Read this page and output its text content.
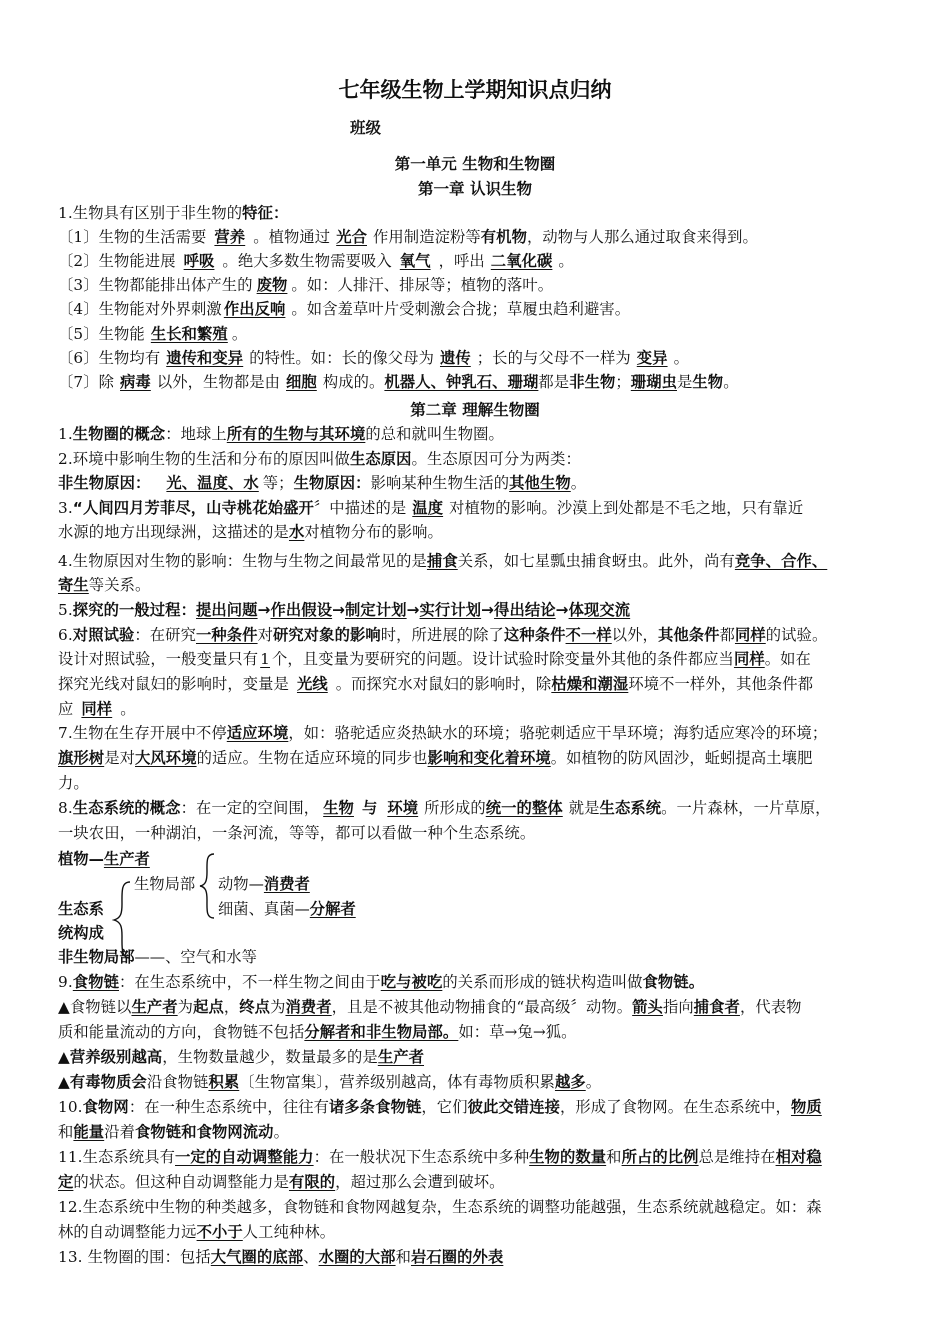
七年级生物上学期知识点归纳
班级
第一单元 生物和生物圈
第一章 认识生物
1.生物具有区别于非生物的特征：
〔1〕生物的生活需要 营养 。植物通过 光合 作用制造淀粉等有机物，动物与人那么通过取食来得到。
〔2〕生物能进展 呼吸 。绝大多数生物需要吸入 氧气 ，呼出 二氧化碳 。
〔3〕生物都能排出体产生的 废物 。如：人排汗、排尿等；植物的落叶。
〔4〕生物能对外界刺激 作出反响 。如含羞草叶片受刺激会合拢；草履虫趋利避害。
〔5〕生物能 生长和繁殖 。
〔6〕生物均有 遗传和变异 的特性。如：长的像父母为 遗传 ；长的与父母不一样为 变异 。
〔7〕除 病毒 以外，生物都是由 细胞 构成的。机器人、钟乳石、珊瑚都是非生物；珊瑚虫是生物。
第二章 理解生物圈
1.生物圈的概念：地球上所有的生物与其环境的总和就叫生物圈。
2.环境中影响生物的生活和分布的原因叫做生态原因。生态原因可分为两类：
非生物原因： 光、温度、水 等；生物原因：影响某种生物生活的其他生物。
3.“人间四月芳菲尽，山寺桃花始盛开〞中描述的是 温度 对植物的影响。沙漠上到处都是不毛之地，只有靠近
水源的地方出现绿洲，这描述的是水对植物分布的影响。
4.生物原因对生物的影响：生物与生物之间最常见的是捕食关系，如七星瓢虫捕食蚜虫。此外，尚有竞争、合作、
寄生等关系。
5.探究的一般过程：提出问题→作出假设→制定计划→实行计划→得出结论→体现交流
6.对照试验：在研究一种条件对研究对象的影响时，所进展的除了这种条件不一样以外，其他条件都同样的试验。
设计对照试验，一般变量只有 1 个，且变量为要研究的问题。设计试验时除变量外其他的条件都应当同样。如在
探究光线对鼠妇的影响时，变量是 光线 。而探究水对鼠妇的影响时，除枯燥和潮湿环境不一样外，其他条件都
应 同样 。
7.生物在生存开展中不停适应环境，如：骆驼适应炎热缺水的环境；骆驼刺适应干旱环境；海豹适应寒冷的环境；
旗形树是对大风环境的适应。生物在适应环境的同步也影响和变化着环境。如植物的防风固沙，蚯蚓提高土壤肥
力。
8.生态系统的概念：在一定的空间围， 生物 与 环境 所形成的统一的整体 就是生态系统。一片森林，一片草原，
一块农田，一种湖泊，一条河流，等等，都可以看做一种个生态系统。
植物—生产者
生物局部 动物—消费者
细菌、真菌—分解者
生态系
统构成
非生物局部——、空气和水等
9.食物链：在生态系统中，不一样生物之间由于吃与被吃的关系而形成的链状构造叫做食物链。
▲食物链以生产者为起点，终点为消费者，且是不被其他动物捕食的“最高级〞动物。箭头指向捕食者，代表物
质和能量流动的方向，食物链不包括分解者和非生物局部。如：草→兔→狐。
▲营养级别越高，生物数量越少，数量最多的是生产者
▲有毒物质会沿食物链积累〔生物富集〕，营养级别越高，体有毒物质积累越多。
10.食物网：在一种生态系统中，往往有诸多条食物链，它们彼此交错连接，形成了食物网。在生态系统中，物质
和能量沿着食物链和食物网流动。
11.生态系统具有一定的自动调整能力：在一般状况下生态系统中多种生物的数量和所占的比例总是维持在相对稳
定的状态。但这种自动调整能力是有限的，超过那么会遭到破坏。
12.生态系统中生物的种类越多，食物链和食物网越复杂，生态系统的调整功能越强，生态系统就越稳定。如：森
林的自动调整能力远不小于人工纯种林。
13. 生物圈的围：包括大气圈的底部、水圈的大部和岩石圈的外表
